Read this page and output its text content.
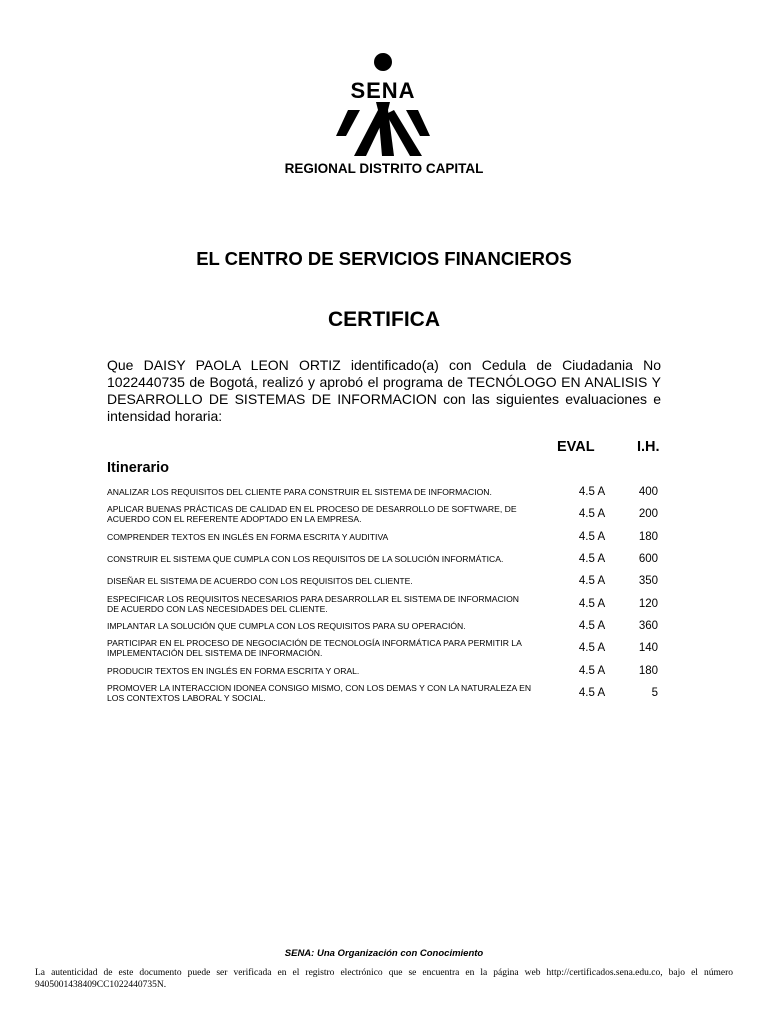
SENA
REGIONAL DISTRITO CAPITAL
EL CENTRO DE SERVICIOS FINANCIEROS
CERTIFICA
Que DAISY PAOLA LEON ORTIZ identificado(a) con Cedula de Ciudadania No 1022440735 de Bogotá, realizó y aprobó el programa de TECNÓLOGO EN ANALISIS Y DESARROLLO DE SISTEMAS DE INFORMACION con las siguientes evaluaciones e intensidad horaria:
EVAL	I.H.
Itinerario
ANALIZAR LOS REQUISITOS DEL CLIENTE PARA CONSTRUIR EL SISTEMA DE INFORMACION.	4.5 A	400
APLICAR BUENAS PRÁCTICAS DE CALIDAD EN EL PROCESO DE DESARROLLO DE SOFTWARE, DE ACUERDO CON EL REFERENTE ADOPTADO EN LA EMPRESA.	4.5 A	200
COMPRENDER TEXTOS EN INGLÉS EN FORMA ESCRITA Y AUDITIVA	4.5 A	180
CONSTRUIR EL SISTEMA QUE CUMPLA CON LOS REQUISITOS DE LA SOLUCIÓN INFORMÁTICA.	4.5 A	600
DISEÑAR EL SISTEMA DE ACUERDO CON LOS REQUISITOS DEL CLIENTE.	4.5 A	350
ESPECIFICAR LOS REQUISITOS NECESARIOS PARA DESARROLLAR EL SISTEMA DE INFORMACION DE ACUERDO CON LAS NECESIDADES DEL CLIENTE.	4.5 A	120
IMPLANTAR LA SOLUCIÓN QUE CUMPLA CON LOS REQUISITOS PARA SU OPERACIÓN.	4.5 A	360
PARTICIPAR EN EL PROCESO DE NEGOCIACIÓN DE TECNOLOGÍA INFORMÁTICA PARA PERMITIR LA IMPLEMENTACIÓN DEL SISTEMA DE INFORMACIÓN.	4.5 A	140
PRODUCIR TEXTOS EN INGLÉS EN FORMA ESCRITA Y ORAL.	4.5 A	180
PROMOVER LA INTERACCION IDONEA CONSIGO MISMO, CON LOS DEMAS Y CON LA NATURALEZA EN LOS CONTEXTOS LABORAL Y SOCIAL.	4.5 A	5
SENA: Una Organización con Conocimiento
La autenticidad de este documento puede ser verificada en el registro electrónico que se encuentra en la página web http://certificados.sena.edu.co, bajo el número 9405001438409CC1022440735N.
